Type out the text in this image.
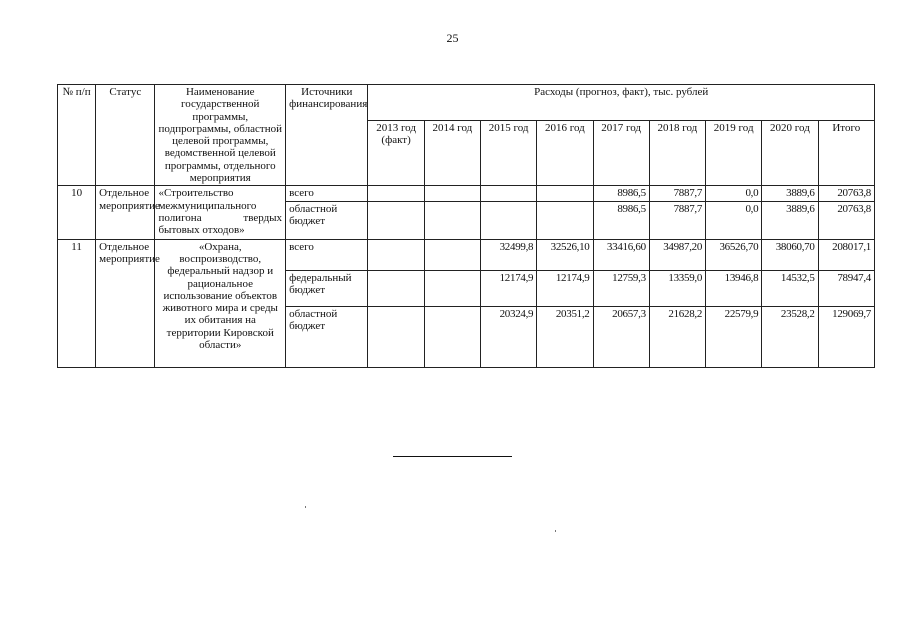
25
№ п/п	Статус	Наименование государственной программы, подпрограммы, областной целевой программы, ведомственной целевой программы, отдельного мероприятия	Источники финансирования	Расходы (прогноз, факт), тыс. рублей								
				2013 год (факт)	2014 год	2015 год	2016 год	2017 год	2018 год	2019 год	2020 год	Итого
10	Отдельное мероприятие	«Строительство межмуниципального полигона твердых бытовых отходов»	всего					8986,5	7887,7	0,0	3889,6	20763,8
			областной бюджет					8986,5	7887,7	0,0	3889,6	20763,8
11	Отдельное мероприятие	«Охрана, воспроизводство, федеральный надзор и рациональное использование объектов животного мира и среды их обитания на территории Кировской области»	всего			32499,8	32526,10	33416,60	34987,20	36526,70	38060,70	208017,1
			федеральный бюджет			12174,9	12174,9	12759,3	13359,0	13946,8	14532,5	78947,4
			областной бюджет			20324,9	20351,2	20657,3	21628,2	22579,9	23528,2	129069,7
